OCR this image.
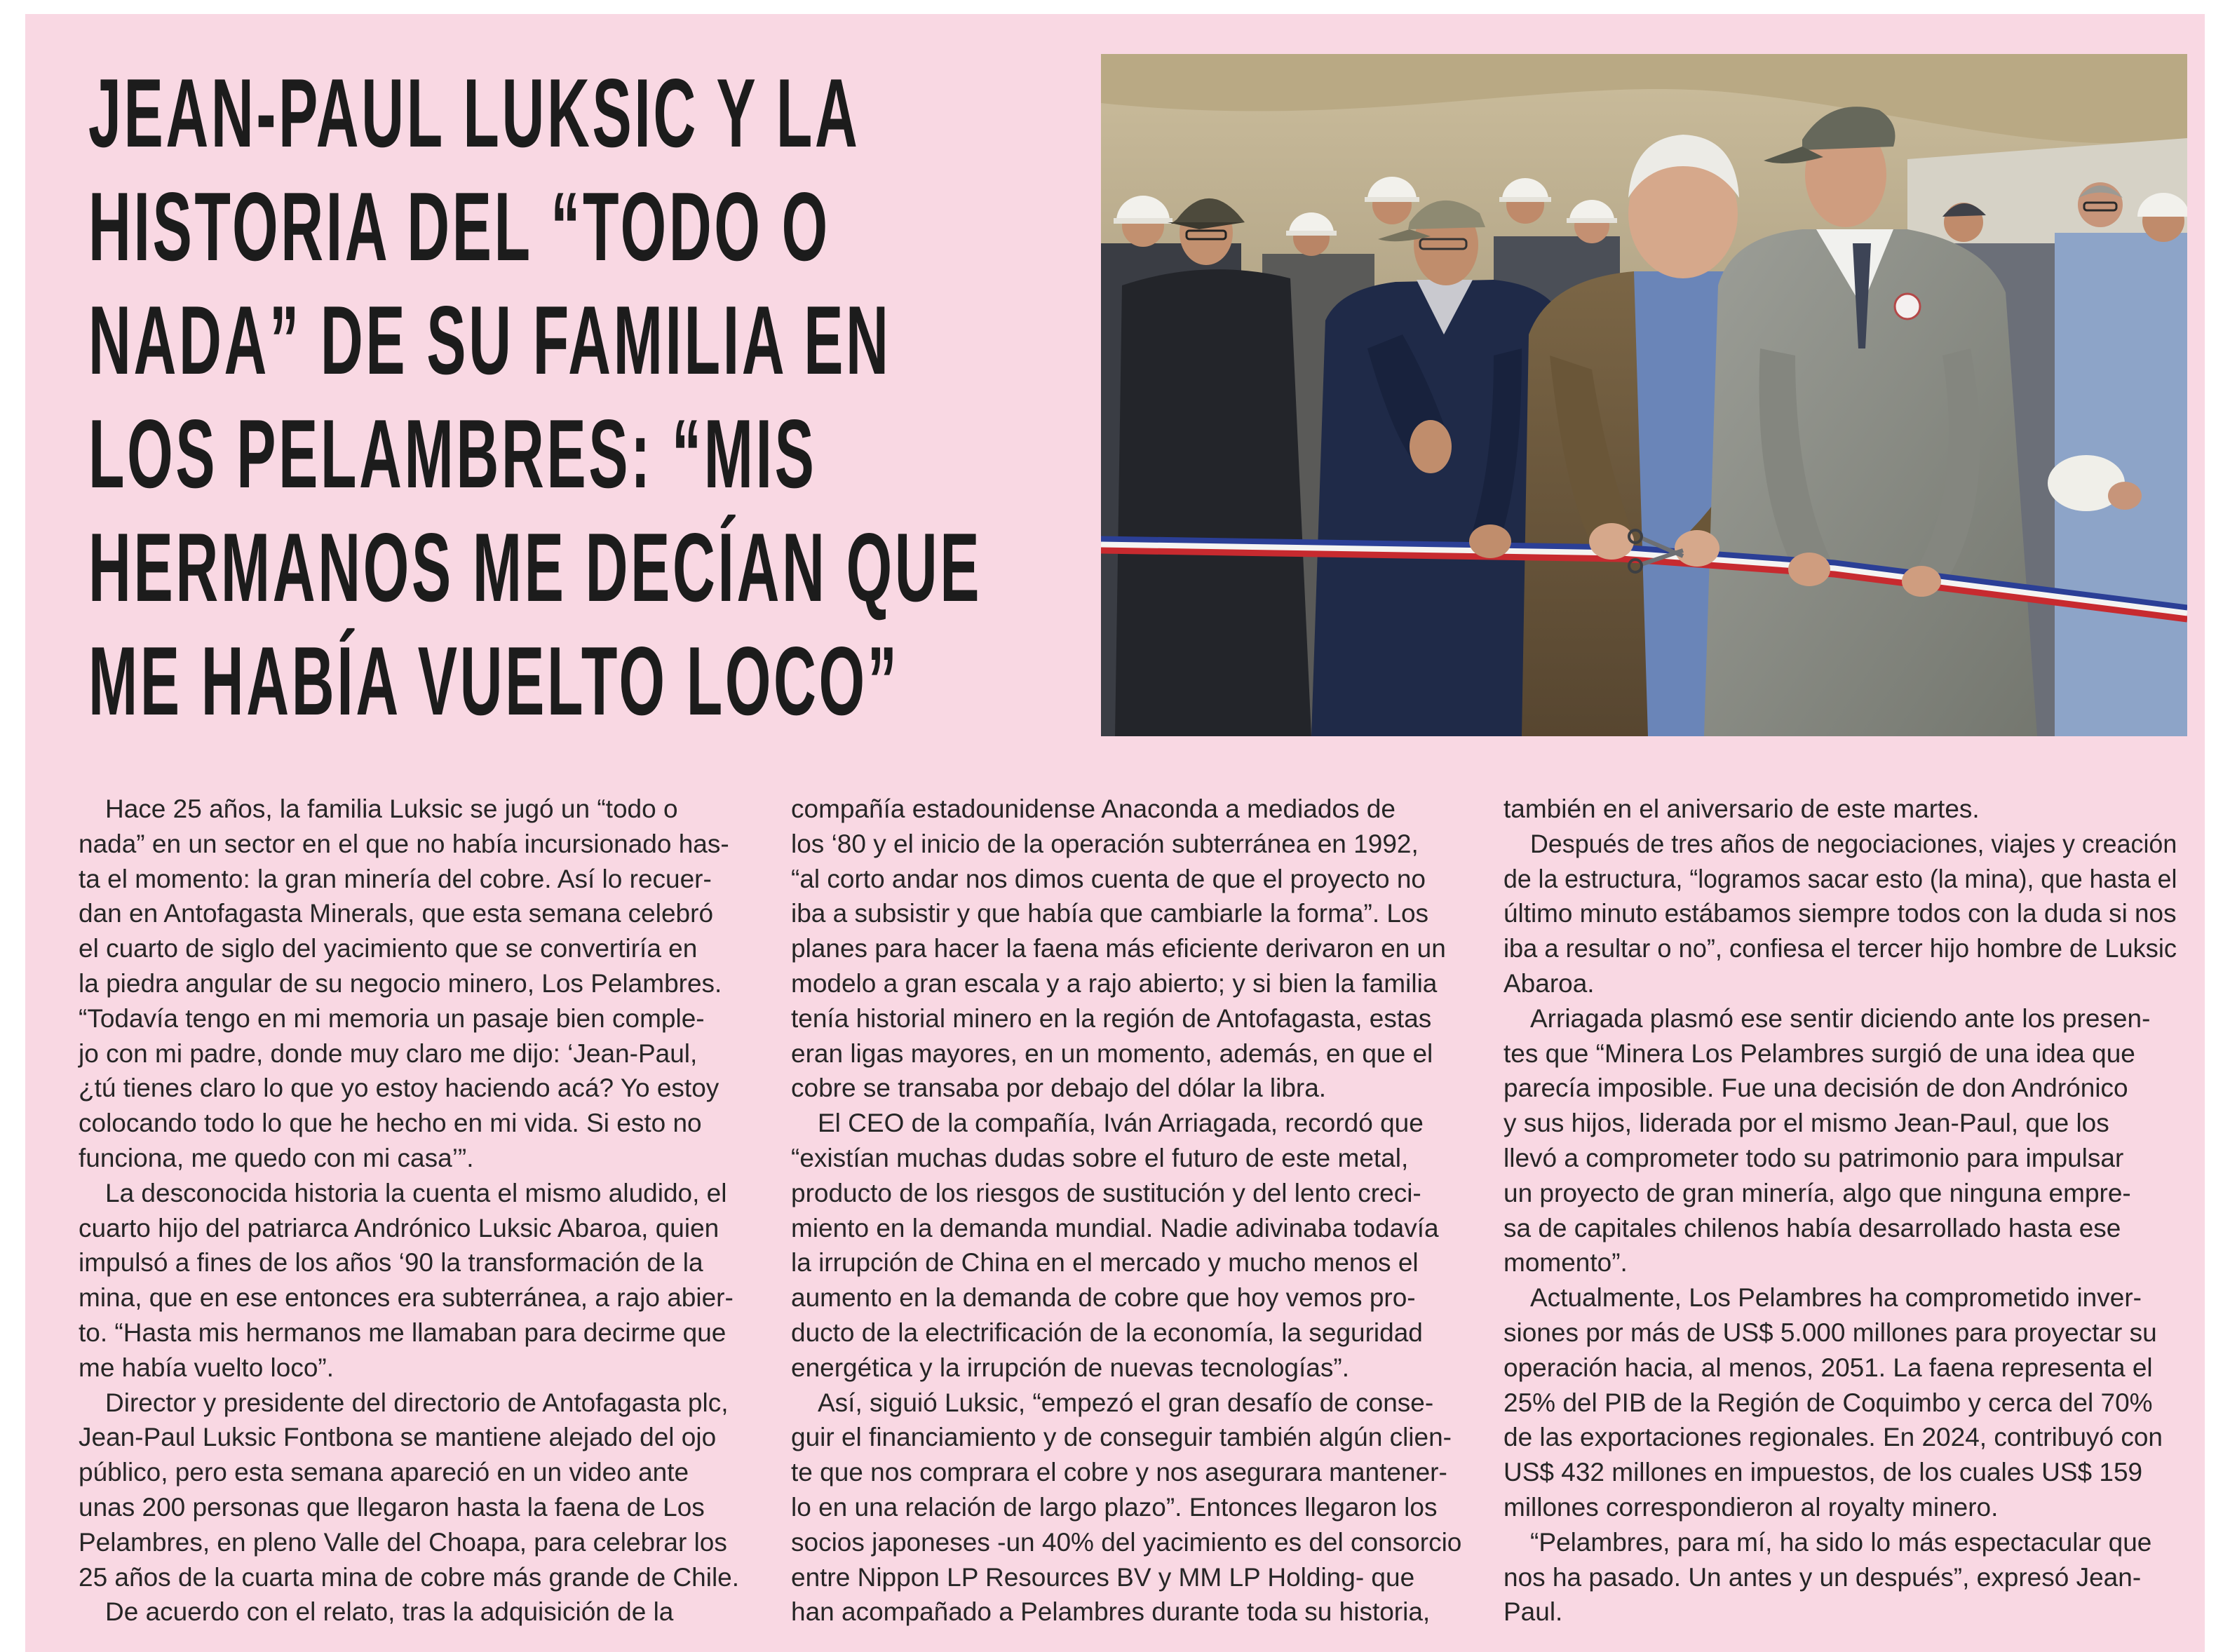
JEAN-PAUL LUKSIC Y LA
HISTORIA DEL “TODO O
NADA” DE SU FAMILIA EN
LOS PELAMBRES: “MIS
HERMANOS ME DECÍAN QUE
ME HABÍA VUELTO LOCO”
Hace 25 años, la familia Luksic se jugó un “todo o
nada” en un sector en el que no había incursionado has-
ta el momento: la gran minería del cobre. Así lo recuer-
dan en Antofagasta Minerals, que esta semana celebró
el cuarto de siglo del yacimiento que se convertiría en
la piedra angular de su negocio minero, Los Pelambres.
“Todavía tengo en mi memoria un pasaje bien comple-
jo con mi padre, donde muy claro me dijo: ‘Jean-Paul,
¿tú tienes claro lo que yo estoy haciendo acá? Yo estoy
colocando todo lo que he hecho en mi vida. Si esto no
funciona, me quedo con mi casa’”.
La desconocida historia la cuenta el mismo aludido, el
cuarto hijo del patriarca Andrónico Luksic Abaroa, quien
impulsó a fines de los años ‘90 la transformación de la
mina, que en ese entonces era subterránea, a rajo abier-
to. “Hasta mis hermanos me llamaban para decirme que
me había vuelto loco”.
Director y presidente del directorio de Antofagasta plc,
Jean-Paul Luksic Fontbona se mantiene alejado del ojo
público, pero esta semana apareció en un video ante
unas 200 personas que llegaron hasta la faena de Los
Pelambres, en pleno Valle del Choapa, para celebrar los
25 años de la cuarta mina de cobre más grande de Chile.
De acuerdo con el relato, tras la adquisición de la
compañía estadounidense Anaconda a mediados de
los ‘80 y el inicio de la operación subterránea en 1992,
“al corto andar nos dimos cuenta de que el proyecto no
iba a subsistir y que había que cambiarle la forma”. Los
planes para hacer la faena más eficiente derivaron en un
modelo a gran escala y a rajo abierto; y si bien la familia
tenía historial minero en la región de Antofagasta, estas
eran ligas mayores, en un momento, además, en que el
cobre se transaba por debajo del dólar la libra.
El CEO de la compañía, Iván Arriagada, recordó que
“existían muchas dudas sobre el futuro de este metal,
producto de los riesgos de sustitución y del lento creci-
miento en la demanda mundial. Nadie adivinaba todavía
la irrupción de China en el mercado y mucho menos el
aumento en la demanda de cobre que hoy vemos pro-
ducto de la electrificación de la economía, la seguridad
energética y la irrupción de nuevas tecnologías”.
Así, siguió Luksic, “empezó el gran desafío de conse-
guir el financiamiento y de conseguir también algún clien-
te que nos comprara el cobre y nos asegurara mantener-
lo en una relación de largo plazo”. Entonces llegaron los
socios japoneses -un 40% del yacimiento es del consorcio
entre Nippon LP Resources BV y MM LP Holding- que
han acompañado a Pelambres durante toda su historia,
también en el aniversario de este martes.
Después de tres años de negociaciones, viajes y creación
de la estructura, “logramos sacar esto (la mina), que hasta el
último minuto estábamos siempre todos con la duda si nos
iba a resultar o no”, confiesa el tercer hijo hombre de Luksic
Abaroa.
Arriagada plasmó ese sentir diciendo ante los presen-
tes que “Minera Los Pelambres surgió de una idea que
parecía imposible. Fue una decisión de don Andrónico
y sus hijos, liderada por el mismo Jean-Paul, que los
llevó a comprometer todo su patrimonio para impulsar
un proyecto de gran minería, algo que ninguna empre-
sa de capitales chilenos había desarrollado hasta ese
momento”.
Actualmente, Los Pelambres ha comprometido inver-
siones por más de US$ 5.000 millones para proyectar su
operación hacia, al menos, 2051. La faena representa el
25% del PIB de la Región de Coquimbo y cerca del 70%
de las exportaciones regionales. En 2024, contribuyó con
US$ 432 millones en impuestos, de los cuales US$ 159
millones correspondieron al royalty minero.
“Pelambres, para mí, ha sido lo más espectacular que
nos ha pasado. Un antes y un después”, expresó Jean-
Paul.
